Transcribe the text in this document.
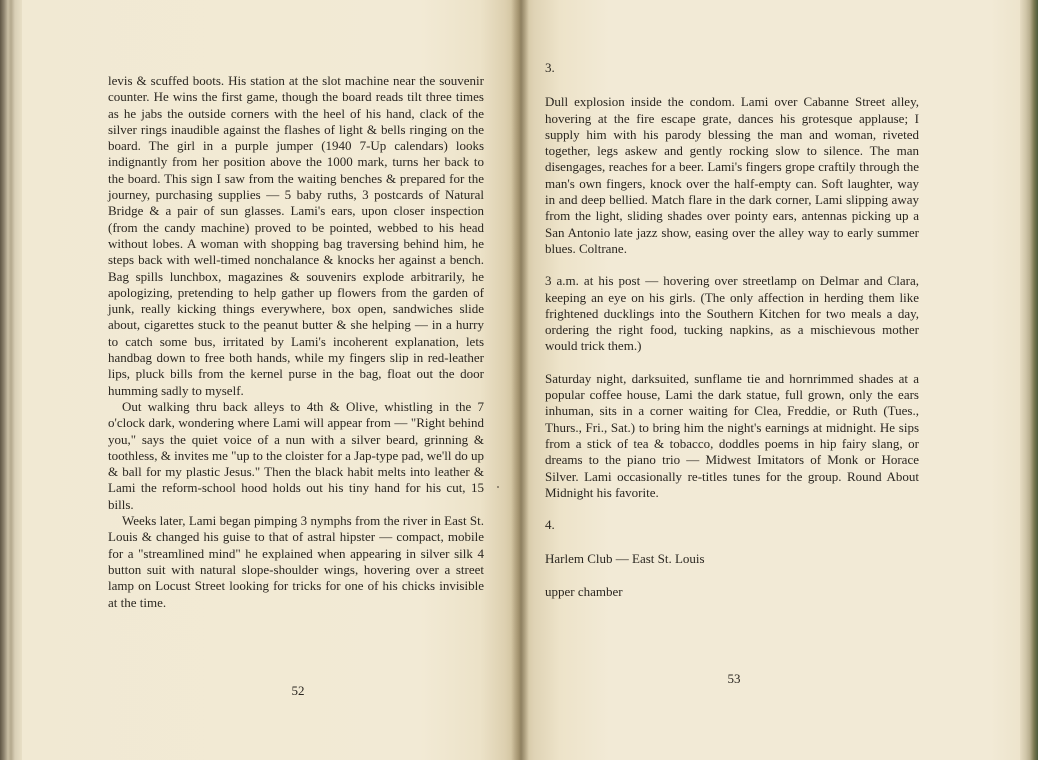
levis & scuffed boots. His station at the slot machine near the souvenir counter. He wins the first game, though the board reads tilt three times as he jabs the outside corners with the heel of his hand, clack of the silver rings inaudible against the flashes of light & bells ringing on the board. The girl in a purple jumper (1940 7-Up calendars) looks indignantly from her position above the 1000 mark, turns her back to the board. This sign I saw from the waiting benches & prepared for the journey, purchasing supplies — 5 baby ruths, 3 postcards of Natural Bridge & a pair of sun glasses. Lami's ears, upon closer inspection (from the candy machine) proved to be pointed, webbed to his head without lobes. A woman with shopping bag traversing behind him, he steps back with well-timed nonchalance & knocks her against a bench. Bag spills lunchbox, magazines & souvenirs explode arbitrarily, he apologizing, pretending to help gather up flowers from the garden of junk, really kicking things everywhere, box open, sandwiches slide about, cigarettes stuck to the peanut butter & she helping — in a hurry to catch some bus, irritated by Lami's incoherent explanation, lets handbag down to free both hands, while my fingers slip in red-leather lips, pluck bills from the kernel purse in the bag, float out the door humming sadly to myself.

Out walking thru back alleys to 4th & Olive, whistling in the 7 o'clock dark, wondering where Lami will appear from — "Right behind you," says the quiet voice of a nun with a silver beard, grinning & toothless, & invites me "up to the cloister for a Jap-type pad, we'll do up & ball for my plastic Jesus." Then the black habit melts into leather & Lami the reform-school hood holds out his tiny hand for his cut, 15 bills.

Weeks later, Lami began pimping 3 nymphs from the river in East St. Louis & changed his guise to that of astral hipster — compact, mobile for a "streamlined mind" he explained when appearing in silver silk 4 button suit with natural slope-shoulder wings, hovering over a street lamp on Locust Street looking for tricks for one of his chicks invisible at the time.

52

3.

Dull explosion inside the condom. Lami over Cabanne Street alley, hovering at the fire escape grate, dances his grotesque applause; I supply him with his parody blessing the man and woman, riveted together, legs askew and gently rocking slow to silence. The man disengages, reaches for a beer. Lami's fingers grope craftily through the man's own fingers, knock over the half-empty can. Soft laughter, way in and deep bellied. Match flare in the dark corner, Lami slipping away from the light, sliding shades over pointy ears, antennas picking up a San Antonio late jazz show, easing over the alley way to early summer blues. Coltrane.

3 a.m. at his post — hovering over streetlamp on Delmar and Clara, keeping an eye on his girls. (The only affection in herding them like frightened ducklings into the Southern Kitchen for two meals a day, ordering the right food, tucking napkins, as a mischievous mother would trick them.)

Saturday night, darksuited, sunflame tie and hornrimmed shades at a popular coffee house, Lami the dark statue, full grown, only the ears inhuman, sits in a corner waiting for Clea, Freddie, or Ruth (Tues., Thurs., Fri., Sat.) to bring him the night's earnings at midnight. He sips from a stick of tea & tobacco, doddles poems in hip fairy slang, or dreams to the piano trio — Midwest Imitators of Monk or Horace Silver. Lami occasionally re-titles tunes for the group. Round About Midnight his favorite.

4.

Harlem Club — East St. Louis

upper chamber

53
